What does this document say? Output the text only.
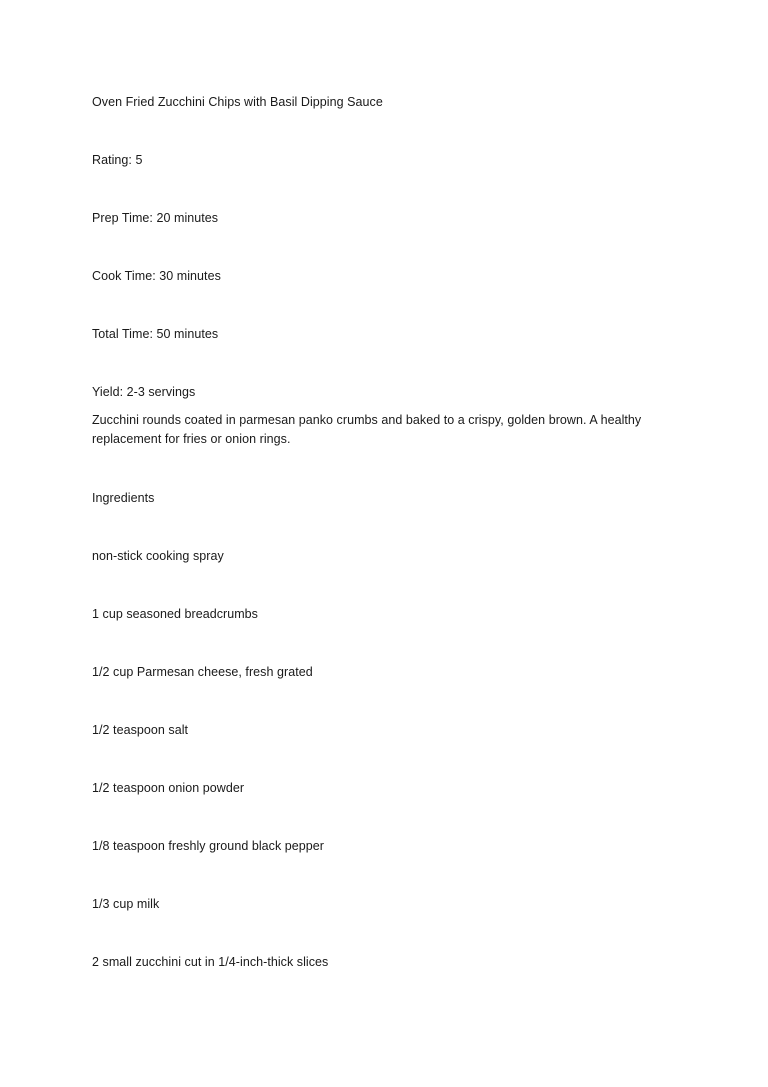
Oven Fried Zucchini Chips with Basil Dipping Sauce
Rating: 5
Prep Time: 20 minutes
Cook Time: 30 minutes
Total Time: 50 minutes
Yield: 2-3 servings
Zucchini rounds coated in parmesan panko crumbs and baked to a crispy, golden brown. A healthy
replacement for fries or onion rings.
Ingredients
non-stick cooking spray
1 cup seasoned breadcrumbs
1/2 cup Parmesan cheese, fresh grated
1/2 teaspoon salt
1/2 teaspoon onion powder
1/8 teaspoon freshly ground black pepper
1/3 cup milk
2 small zucchini cut in 1/4-inch-thick slices
